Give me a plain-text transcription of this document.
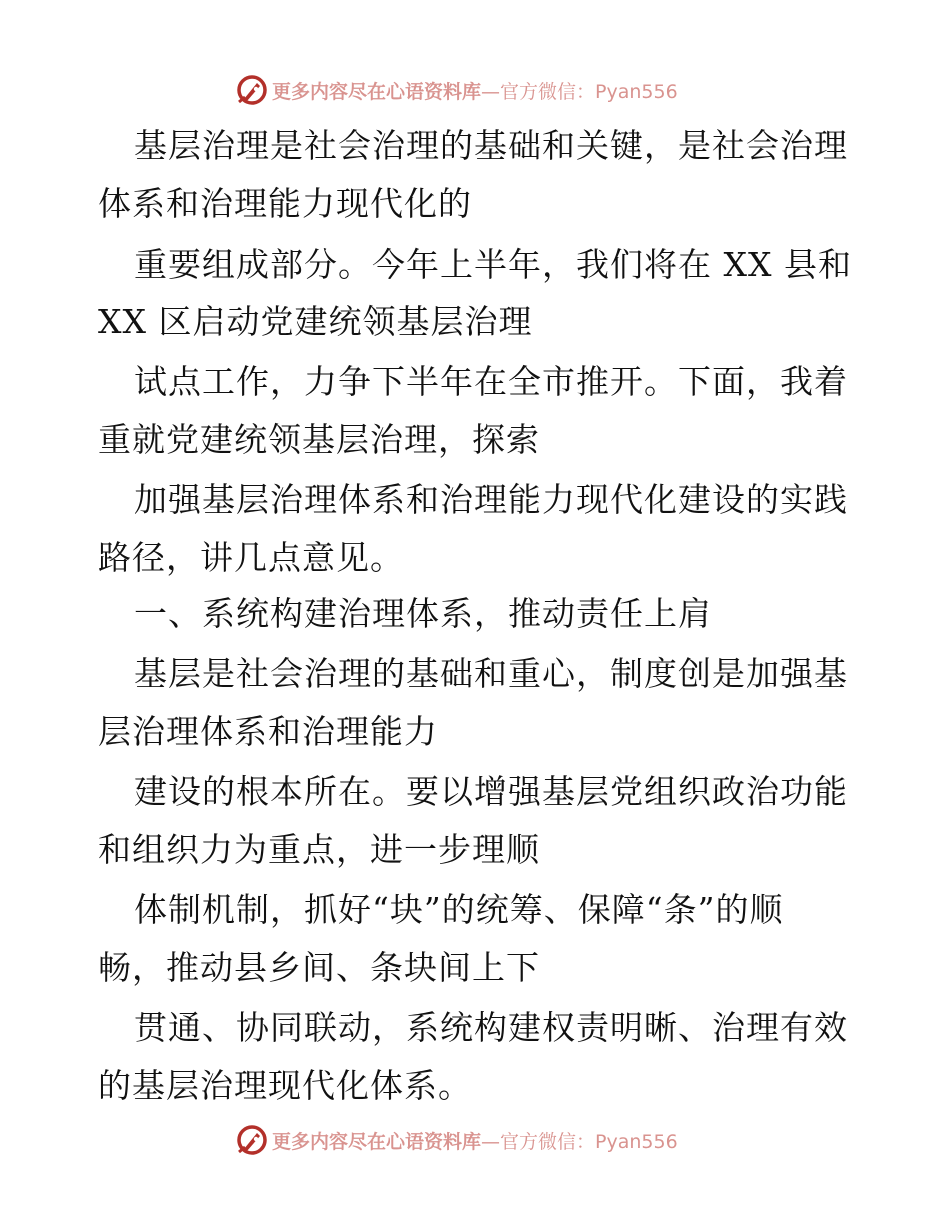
更多内容尽在心语资料库 —官方微信：Pyan556
基层治理是社会治理的基础和关键，是社会治理
体系和治理能力现代化的
重要组成部分。今年上半年，我们将在 XX 县和
XX 区启动党建统领基层治理
试点工作，力争下半年在全市推开。下面，我着
重就党建统领基层治理，探索
加强基层治理体系和治理能力现代化建设的实践
路径，讲几点意见。
一、系统构建治理体系，推动责任上肩
基层是社会治理的基础和重心，制度创是加强基
层治理体系和治理能力
建设的根本所在。要以增强基层党组织政治功能
和组织力为重点，进一步理顺
体制机制，抓好“块”的统筹、保障“条”的顺
畅，推动县乡间、条块间上下
贯通、协同联动，系统构建权责明晰、治理有效
的基层治理现代化体系。
更多内容尽在心语资料库 —官方微信：Pyan556
